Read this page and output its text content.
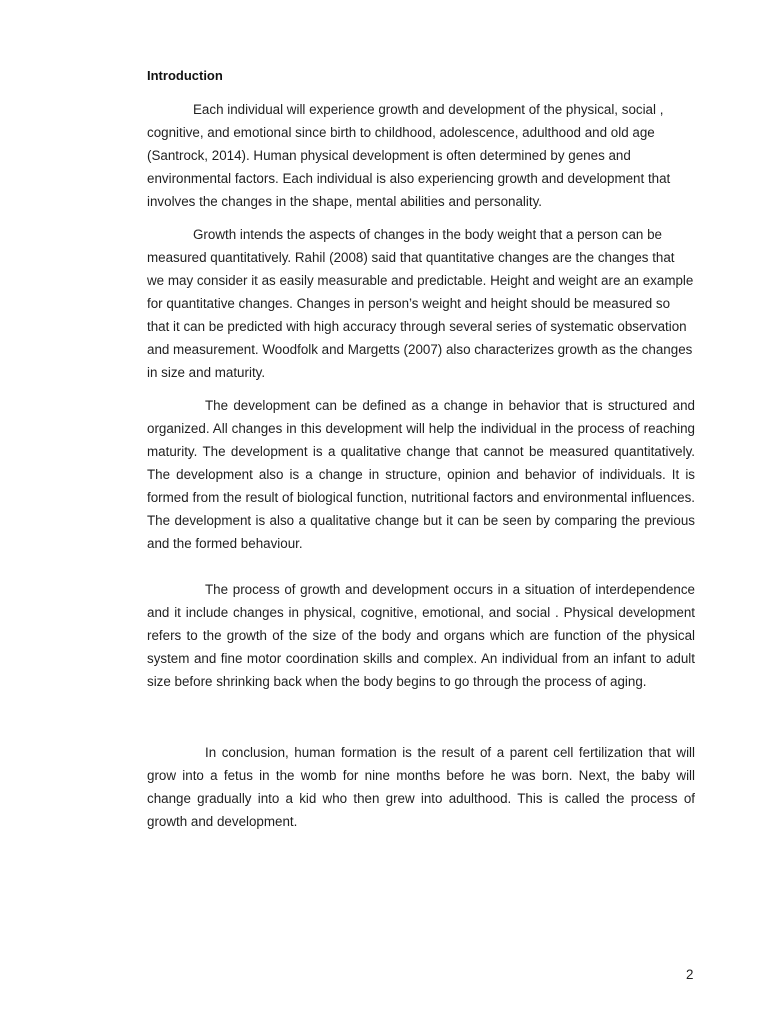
Introduction

Each individual will experience growth and development of the physical, social , cognitive, and emotional since birth to childhood, adolescence, adulthood and old age (Santrock, 2014). Human physical development is often determined by genes and environmental factors. Each individual is also experiencing growth and development that involves the changes in the shape, mental abilities and personality.

Growth intends the aspects of changes in the body weight that a person can be measured quantitatively. Rahil (2008) said that quantitative changes are the changes that we may consider it as easily measurable and predictable. Height and weight are an example for quantitative changes. Changes in person’s weight and height should be measured so that it can be predicted with high accuracy through several series of systematic observation and measurement. Woodfolk and Margetts (2007) also characterizes growth as the changes in size and maturity.

The development can be defined as a change in behavior that is structured and organized. All changes in this development will help the individual in the process of reaching maturity. The development is a qualitative change that cannot be measured quantitatively. The development also is a change in structure, opinion and behavior of individuals. It is formed from the result of biological function, nutritional factors and environmental influences. The development is also a qualitative change but it can be seen by comparing the previous and the formed behaviour.

The process of growth and development occurs in a situation of interdependence and it include changes in physical, cognitive, emotional, and social . Physical development refers to the growth of the size of the body and organs which are function of the physical system and fine motor coordination skills and complex. An individual from an infant to adult size before shrinking back when the body begins to go through the process of aging.

In conclusion, human formation is the result of a parent cell fertilization that will grow into a fetus in the womb for nine months before he was born. Next, the baby will change gradually into a kid who then grew into adulthood. This is called the process of growth and development.

2
